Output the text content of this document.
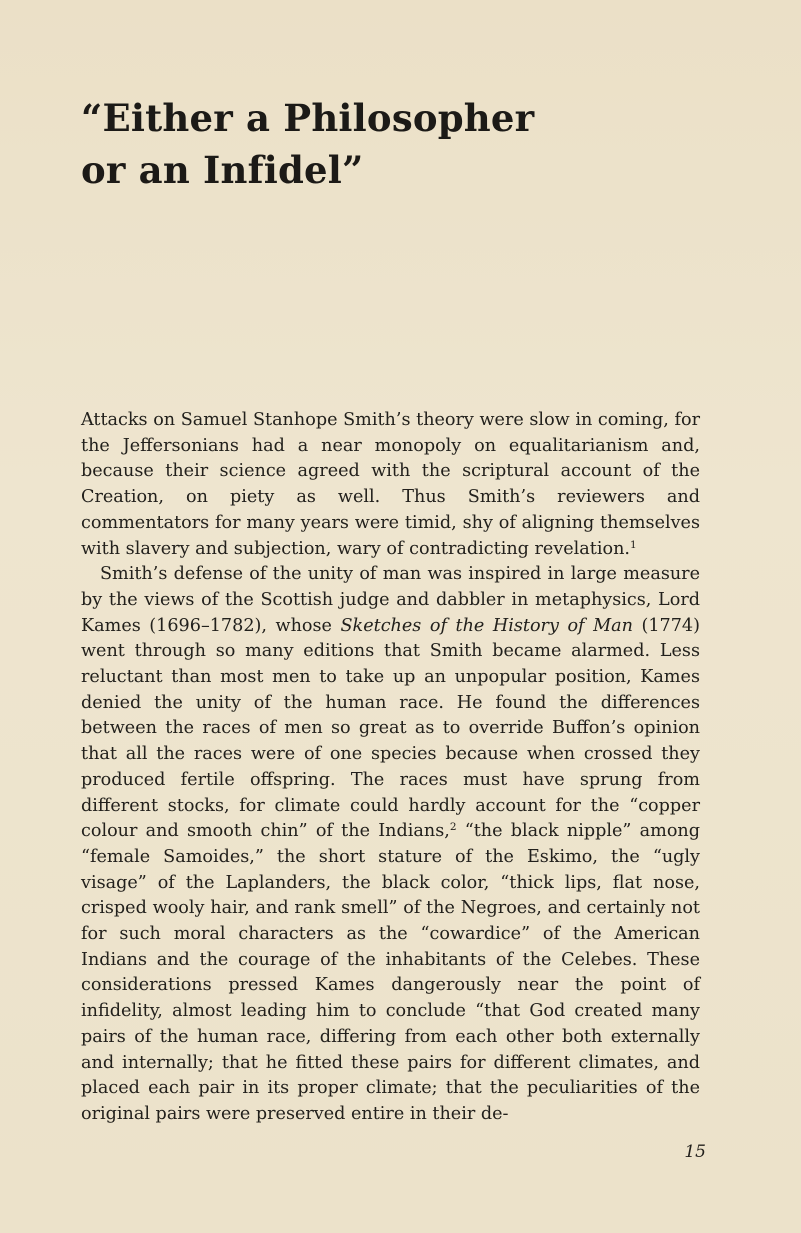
“Either a Philosopher
or an Infidel”

Attacks on Samuel Stanhope Smith’s theory were slow in coming, for the Jeffersonians had a near monopoly on equalitarianism and, because their science agreed with the scriptural account of the Creation, on piety as well. Thus Smith’s reviewers and commentators for many years were timid, shy of aligning themselves with slavery and subjection, wary of contradicting revelation.$^1$

Smith’s defense of the unity of man was inspired in large measure by the views of the Scottish judge and dabbler in metaphysics, Lord Kames (1696–1782), whose Sketches of the History of Man (1774) went through so many editions that Smith became alarmed. Less reluctant than most men to take up an unpopular position, Kames denied the unity of the human race. He found the differences between the races of men so great as to override Buffon’s opinion that all the races were of one species because when crossed they produced fertile offspring. The races must have sprung from different stocks, for climate could hardly account for the “copper colour and smooth chin” of the Indians,$^2$ “the black nipple” among “female Samoides,” the short stature of the Eskimo, the “ugly visage” of the Laplanders, the black color, “thick lips, flat nose, crisped wooly hair, and rank smell” of the Negroes, and certainly not for such moral characters as the “cowardice” of the American Indians and the courage of the inhabitants of the Celebes. These considerations pressed Kames dangerously near the point of infidelity, almost leading him to conclude “that God created many pairs of the human race, differing from each other both externally and internally; that he fitted these pairs for different climates, and placed each pair in its proper climate; that the peculiarities of the original pairs were preserved entire in their de-

15
